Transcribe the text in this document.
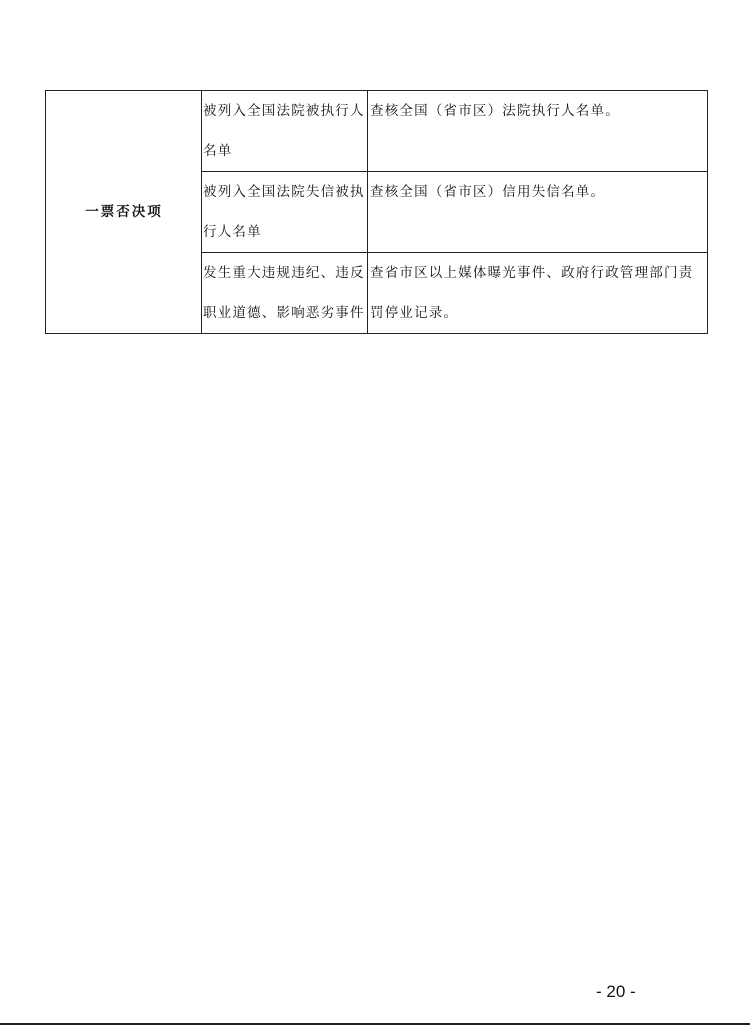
一票否决项	被列入全国法院被执行人名单	查核全国（省市区）法院执行人名单。
	被列入全国法院失信被执行人名单	查核全国（省市区）信用失信名单。
	发生重大违规违纪、违反职业道德、影响恶劣事件	查省市区以上媒体曝光事件、政府行政管理部门责罚停业记录。
- 20 -
